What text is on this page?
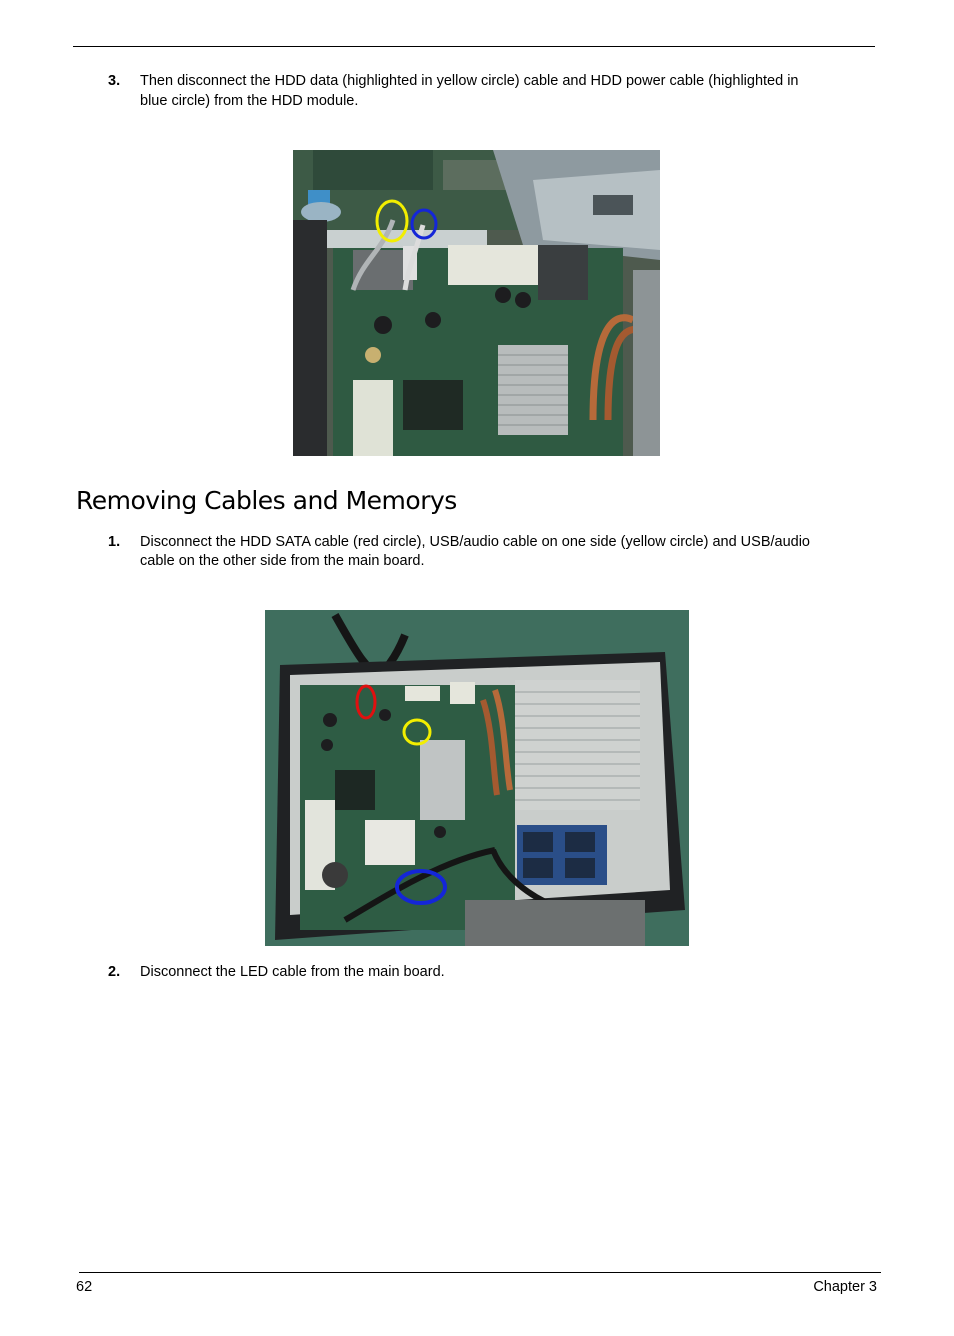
3. Then disconnect the HDD data (highlighted in yellow circle) cable and HDD power cable (highlighted in
blue circle) from the HDD module.
Removing Cables and Memorys
1. Disconnect the HDD SATA cable (red circle), USB/audio cable on one side (yellow circle) and USB/audio
cable on the other side from the main board.
2. Disconnect the LED cable from the main board.
62	Chapter 3
